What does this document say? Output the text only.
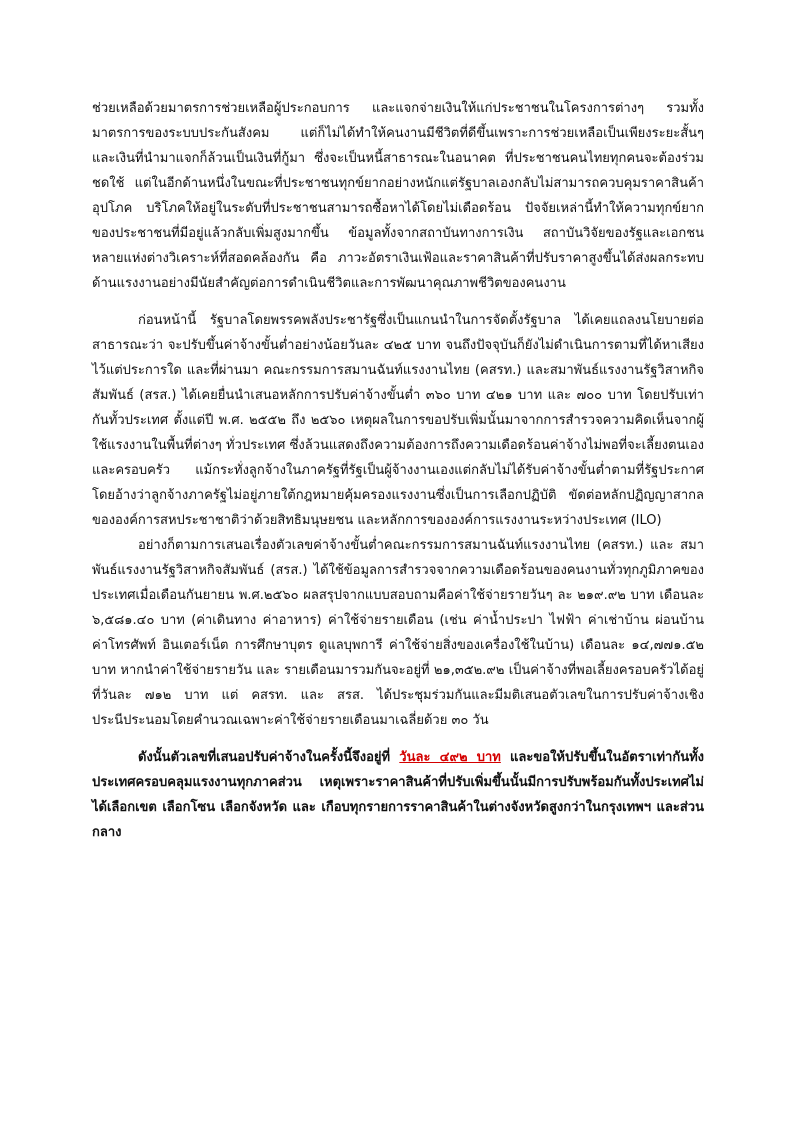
ช่วยเหลือด้วยมาตรการช่วยเหลือผู้ประกอบการ และแจกจ่ายเงินให้แก่ประชาชนในโครงการต่างๆ รวมทั้งมาตรการของระบบประกันสังคม แต่ก็ไม่ได้ทำให้คนงานมีชีวิตที่ดีขึ้นเพราะการช่วยเหลือเป็นเพียงระยะสั้นๆ และเงินที่นำมาแจกก็ล้วนเป็นเงินที่กู้มา ซึ่งจะเป็นหนี้สาธารณะในอนาคต ที่ประชาชนคนไทยทุกคนจะต้องร่วมชดใช้ แต่ในอีกด้านหนึ่งในขณะที่ประชาชนทุกข์ยากอย่างหนักแต่รัฐบาลเองกลับไม่สามารถควบคุมราคาสินค้าอุปโภค บริโภคให้อยู่ในระดับที่ประชาชนสามารถซื้อหาได้โดยไม่เดือดร้อน ปัจจัยเหล่านี้ทำให้ความทุกข์ยากของประชาชนที่มีอยู่แล้วกลับเพิ่มสูงมากขึ้น ข้อมูลทั้งจากสถาบันทางการเงิน สถาบันวิจัยของรัฐและเอกชนหลายแห่งต่างวิเคราะห์ที่สอดคล้องกัน คือ ภาวะอัตราเงินเฟ้อและราคาสินค้าที่ปรับราคาสูงขึ้นได้ส่งผลกระทบด้านแรงงานอย่างมีนัยสำคัญต่อการดำเนินชีวิตและการพัฒนาคุณภาพชีวิตของคนงาน

ก่อนหน้านี้ รัฐบาลโดยพรรคพลังประชารัฐซึ่งเป็นแกนนำในการจัดตั้งรัฐบาล ได้เคยแถลงนโยบายต่อสาธารณะว่า จะปรับขึ้นค่าจ้างขั้นต่ำอย่างน้อยวันละ ๔๒๕ บาท จนถึงปัจจุบันก็ยังไม่ดำเนินการตามที่ได้หาเสียงไว้แต่ประการใด และที่ผ่านมา คณะกรรมการสมานฉันท์แรงงานไทย (คสรท.) และสมาพันธ์แรงงานรัฐวิสาหกิจสัมพันธ์ (สรส.) ได้เคยยื่นนำเสนอหลักการปรับค่าจ้างขั้นต่ำ ๓๖๐ บาท ๔๒๑ บาท และ ๗๐๐ บาท โดยปรับเท่ากันทั้วประเทศ ตั้งแต่ปี พ.ศ. ๒๕๕๒ ถึง ๒๕๖๐ เหตุผลในการขอปรับเพิ่มนั้นมาจากการสำรวจความคิดเห็นจากผู้ใช้แรงงานในพื้นที่ต่างๆ ทั่วประเทศ ซึ่งล้วนแสดงถึงความต้องการถึงความเดือดร้อนค่าจ้างไม่พอที่จะเลี้ยงตนเองและครอบครัว แม้กระทั่งลูกจ้างในภาครัฐที่รัฐเป็นผู้จ้างงานเองแต่กลับไม่ได้รับค่าจ้างขั้นต่ำตามที่รัฐประกาศโดยอ้างว่าลูกจ้างภาครัฐไม่อยู่ภายใต้กฎหมายคุ้มครองแรงงานซึ่งเป็นการเลือกปฏิบัติ ขัดต่อหลักปฏิญญาสากล ขององค์การสหประชาชาติว่าด้วยสิทธิมนุษยชน และหลักการขององค์การแรงงานระหว่างประเทศ (ILO)

อย่างก็ตามการเสนอเรื่องตัวเลขค่าจ้างขั้นต่ำคณะกรรมการสมานฉันท์แรงงานไทย (คสรท.) และ สมาพันธ์แรงงานรัฐวิสาหกิจสัมพันธ์ (สรส.) ได้ใช้ข้อมูลการสำรวจจากความเดือดร้อนของคนงานทั่วทุกภูมิภาคของประเทศเมื่อเดือนกันยายน พ.ศ.๒๕๖๐ ผลสรุปจากแบบสอบถามคือค่าใช้จ่ายรายวันๆ ละ ๒๑๙.๙๒ บาท เดือนละ ๖,๕๘๑.๔๐ บาท (ค่าเดินทาง ค่าอาหาร) ค่าใช้จ่ายรายเดือน (เช่น ค่าน้ำประปา ไฟฟ้า ค่าเช่าบ้าน ผ่อนบ้าน ค่าโทรศัพท์ อินเตอร์เน็ต การศึกษาบุตร ดูแลบุพการี ค่าใช้จ่ายสิ่งของเครื่องใช้ในบ้าน) เดือนละ ๑๔,๗๗๑.๕๒ บาท หากนำค่าใช้จ่ายรายวัน และ รายเดือนมารวมกันจะอยู่ที่ ๒๑,๓๕๒.๙๒ เป็นค่าจ้างที่พอเลี้ยงครอบครัวได้อยู่ที่วันละ ๗๑๒ บาท แต่ คสรท. และ สรส. ได้ประชุมร่วมกันและมีมติเสนอตัวเลขในการปรับค่าจ้างเชิงประนีประนอมโดยคำนวณเฉพาะค่าใช้จ่ายรายเดือนมาเฉลี่ยด้วย ๓๐ วัน

ดังนั้นตัวเลขที่เสนอปรับค่าจ้างในครั้งนี้จึงอยู่ที่ วันละ ๔๙๒ บาท และขอให้ปรับขึ้นในอัตราเท่ากันทั้งประเทศครอบคลุมแรงงานทุกภาคส่วน เหตุเพราะราคาสินค้าที่ปรับเพิ่มขึ้นนั้นมีการปรับพร้อมกันทั้งประเทศไม่ได้เลือกเขต เลือกโซน เลือกจังหวัด และ เกือบทุกรายการราคาสินค้าในต่างจังหวัดสูงกว่าในกรุงเทพฯ และส่วนกลาง
